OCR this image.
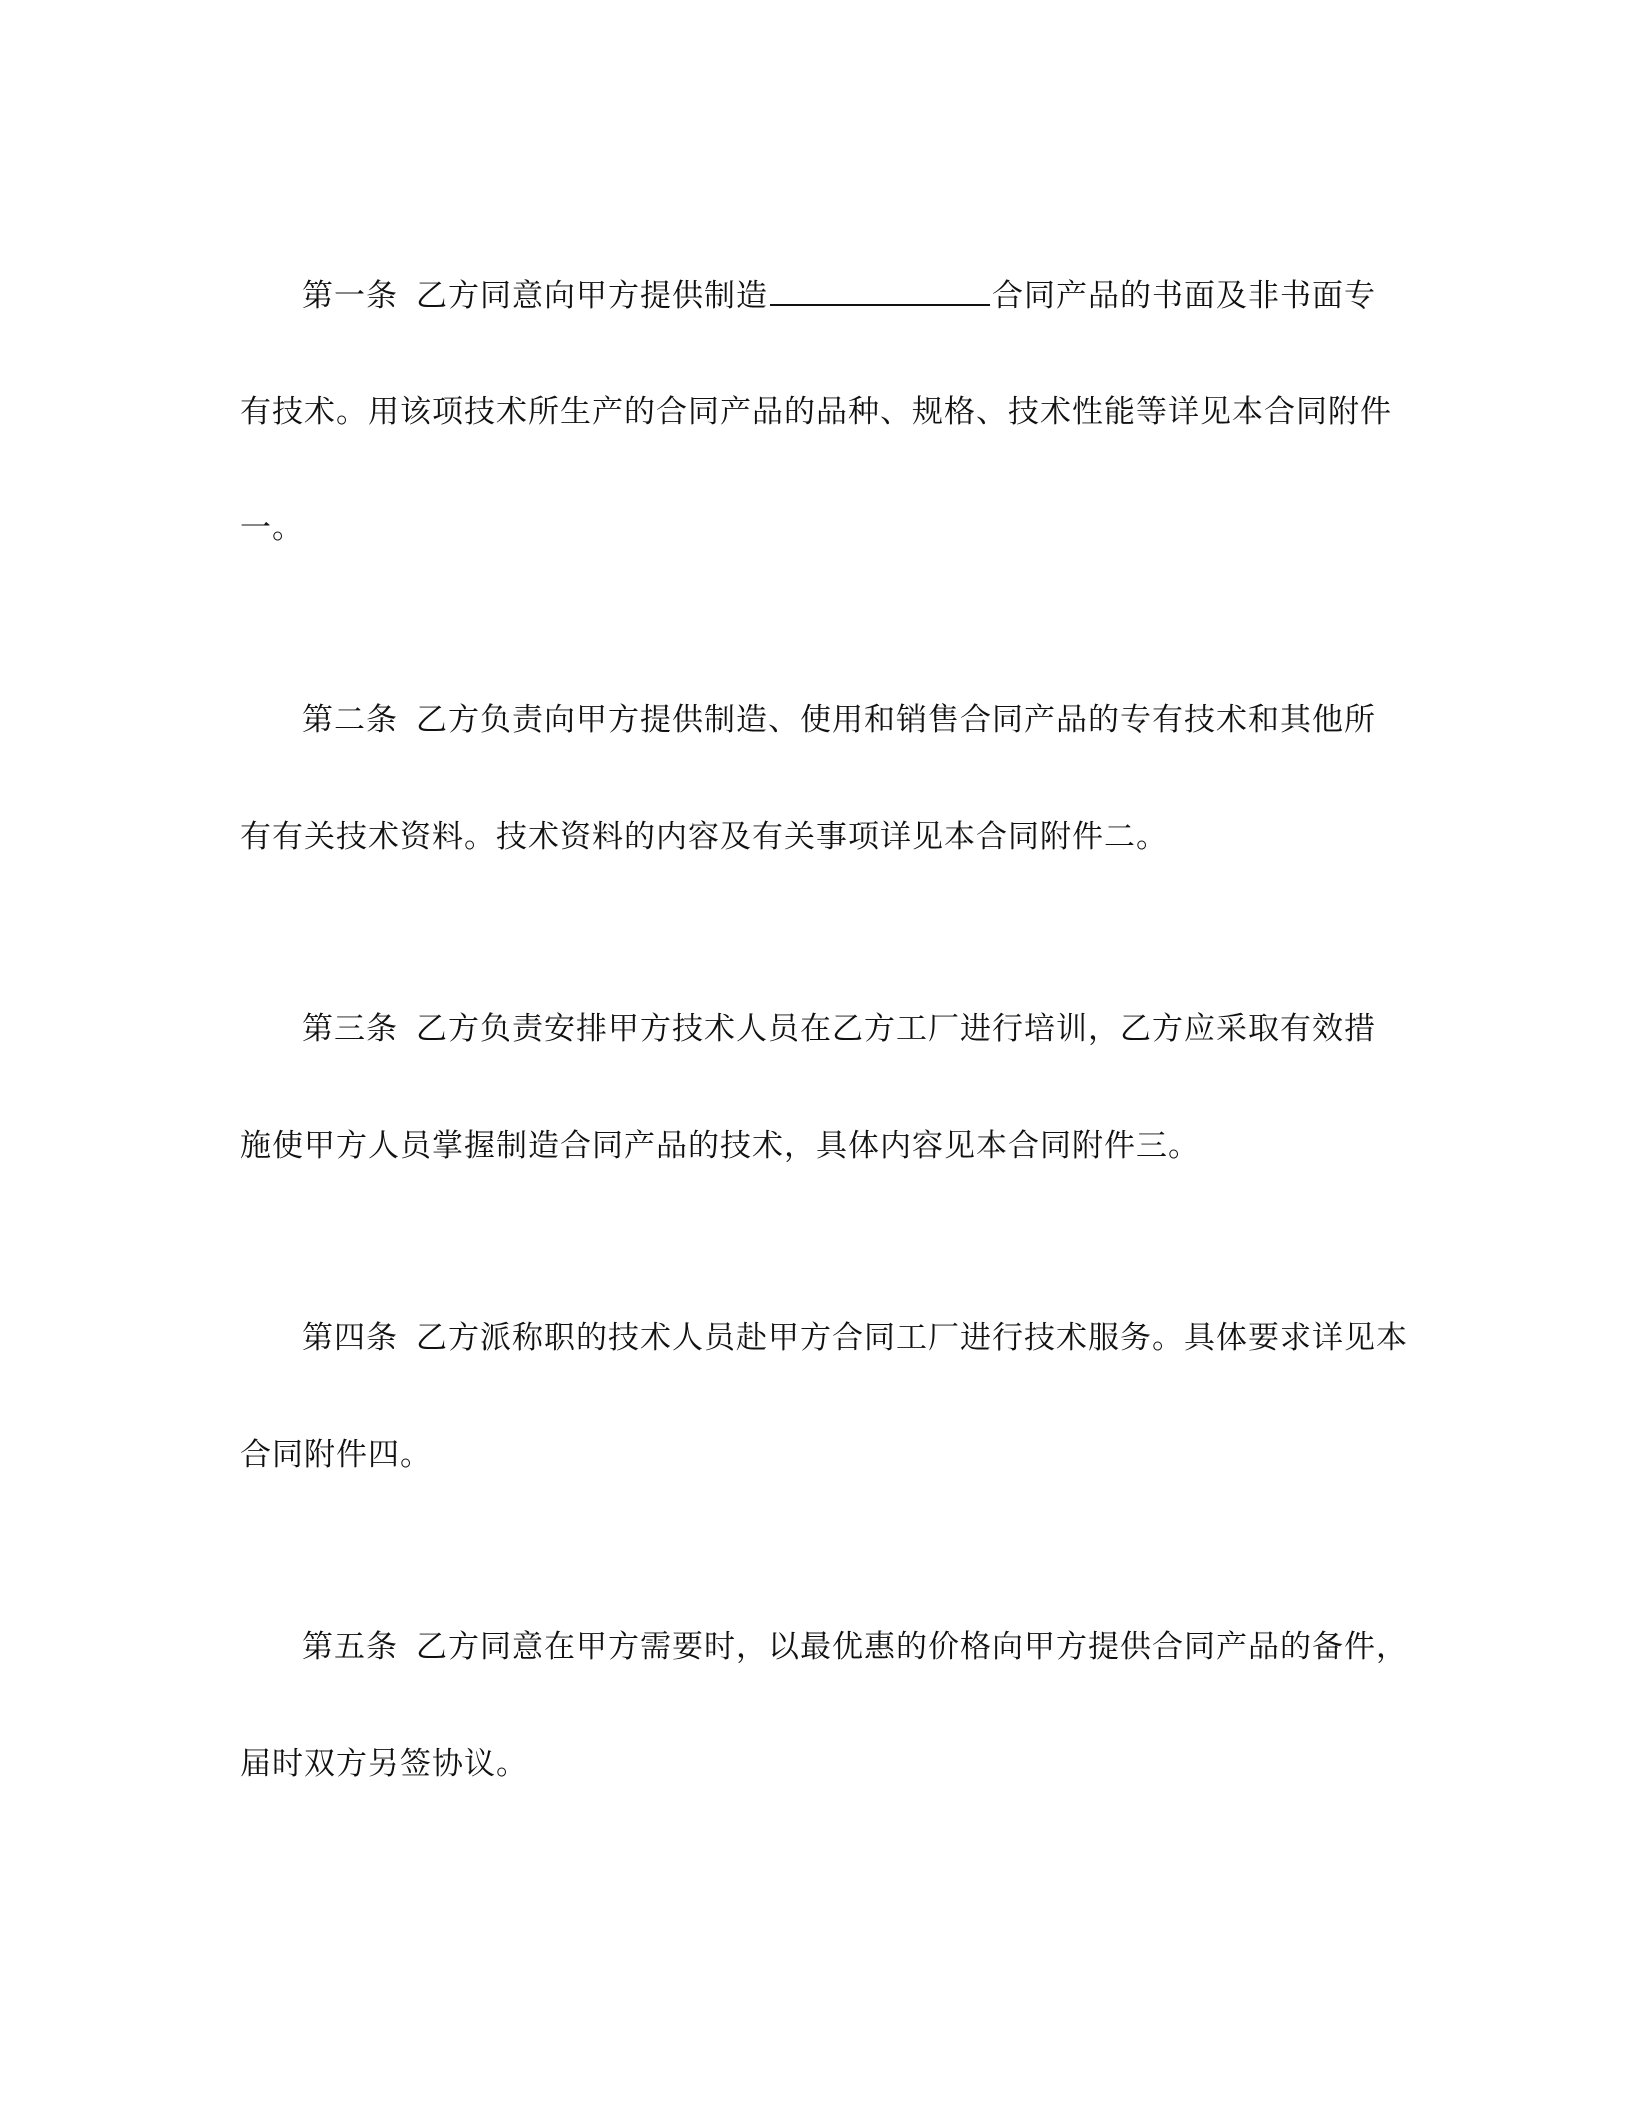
第一条 乙方同意向甲方提供制造	合同产品的书面及非书面专
有技术。用该项技术所生产的合同产品的品种、规格、技术性能等详见本合同附件
一。
第二条 乙方负责向甲方提供制造、使用和销售合同产品的专有技术和其他所
有有关技术资料。技术资料的内容及有关事项详见本合同附件二。
第三条 乙方负责安排甲方技术人员在乙方工厂进行培训，乙方应采取有效措
施使甲方人员掌握制造合同产品的技术，具体内容见本合同附件三。
第四条 乙方派称职的技术人员赴甲方合同工厂进行技术服务。具体要求详见本
合同附件四。
第五条 乙方同意在甲方需要时，以最优惠的价格向甲方提供合同产品的备件，
届时双方另签协议。
